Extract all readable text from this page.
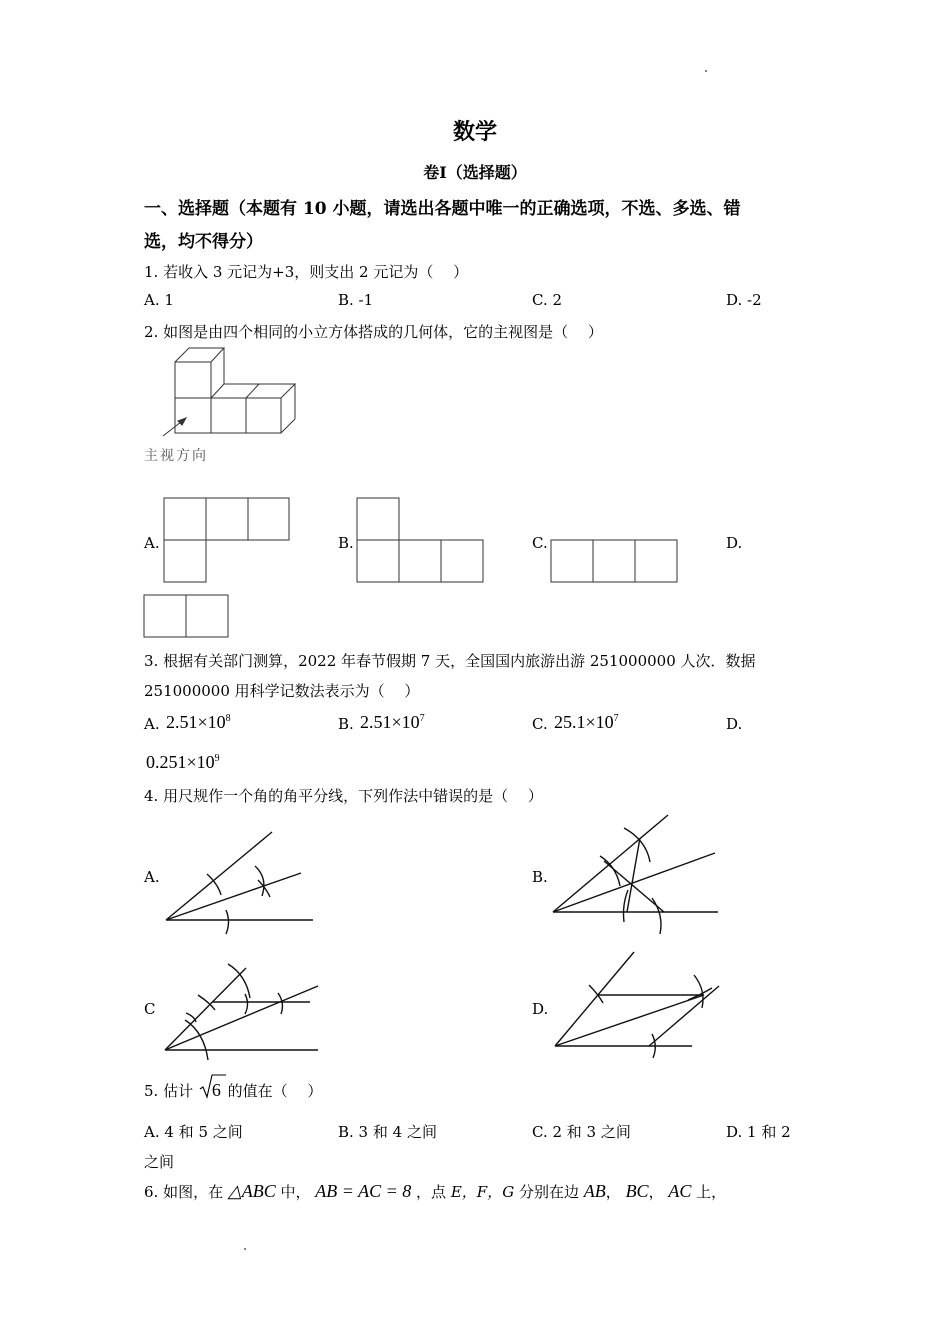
数学
卷Ⅰ（选择题）
一、选择题（本题有 10 小题，请选出各题中唯一的正确选项，不选、多选、错
选，均不得分）
1. 若收入 3 元记为+3，则支出 2 元记为（　 ）
A. 1	B. -1	C. 2	D. -2
2. 如图是由四个相同的小立方体搭成的几何体，它的主视图是（　 ）
主视方向
A.	B.	C.	D.
3. 根据有关部门测算，2022 年春节假期 7 天，全国国内旅游出游 251000000 人次．数据
251000000 用科学记数法表示为（　 ）
A. $2.51\times 10^8$	B. $2.51\times 10^7$	C. $25.1\times 10^7$	D.
$0.251\times 10^9$
4. 用尺规作一个角的角平分线，下列作法中错误的是（　 ）
A.	B.
C	D.
5. 估计 6 的值在（　 ）
A. 4 和 5 之间	B. 3 和 4 之间	C. 2 和 3 之间	D. 1 和 2
之间
6. 如图，在 △ABC 中， AB = AC = 8 ，点 E，F，G 分别在边 AB， BC， AC 上，
